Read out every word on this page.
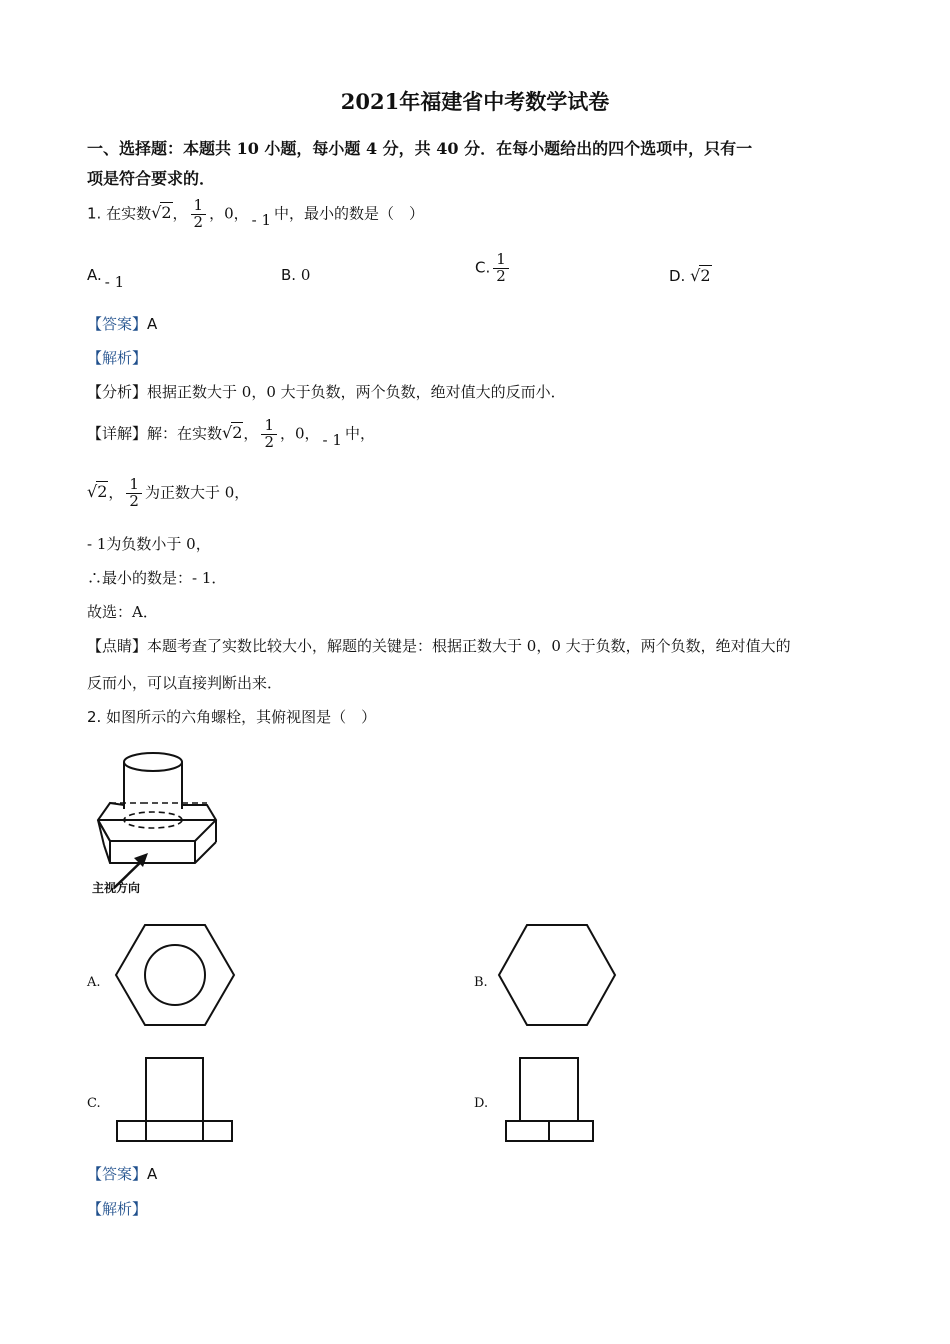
2021年福建省中考数学试卷
一、选择题：本题共 10 小题，每小题 4 分，共 40 分．在每小题给出的四个选项中，只有一
项是符合要求的．
1. 在实数√2， $\frac{1}{2}$ ，0， - 1 中，最小的数是（　）
A. - 1	B. 0	C. $\frac{1}{2}$	D. √2
【答案】A
【解析】
【分析】根据正数大于 0，0 大于负数，两个负数，绝对值大的反而小．
【详解】解：在实数√2， $\frac{1}{2}$ ，0， - 1 中，
√2， $\frac{1}{2}$ 为正数大于 0，
- 1为负数小于 0，
∴最小的数是：- 1．
故选：A．
【点睛】本题考查了实数比较大小，解题的关键是：根据正数大于 0，0 大于负数，两个负数，绝对值大的
反而小，可以直接判断出来．
2. 如图所示的六角螺栓，其俯视图是（　）
主视方向
A.	B.
C.	D.
【答案】A
【解析】
